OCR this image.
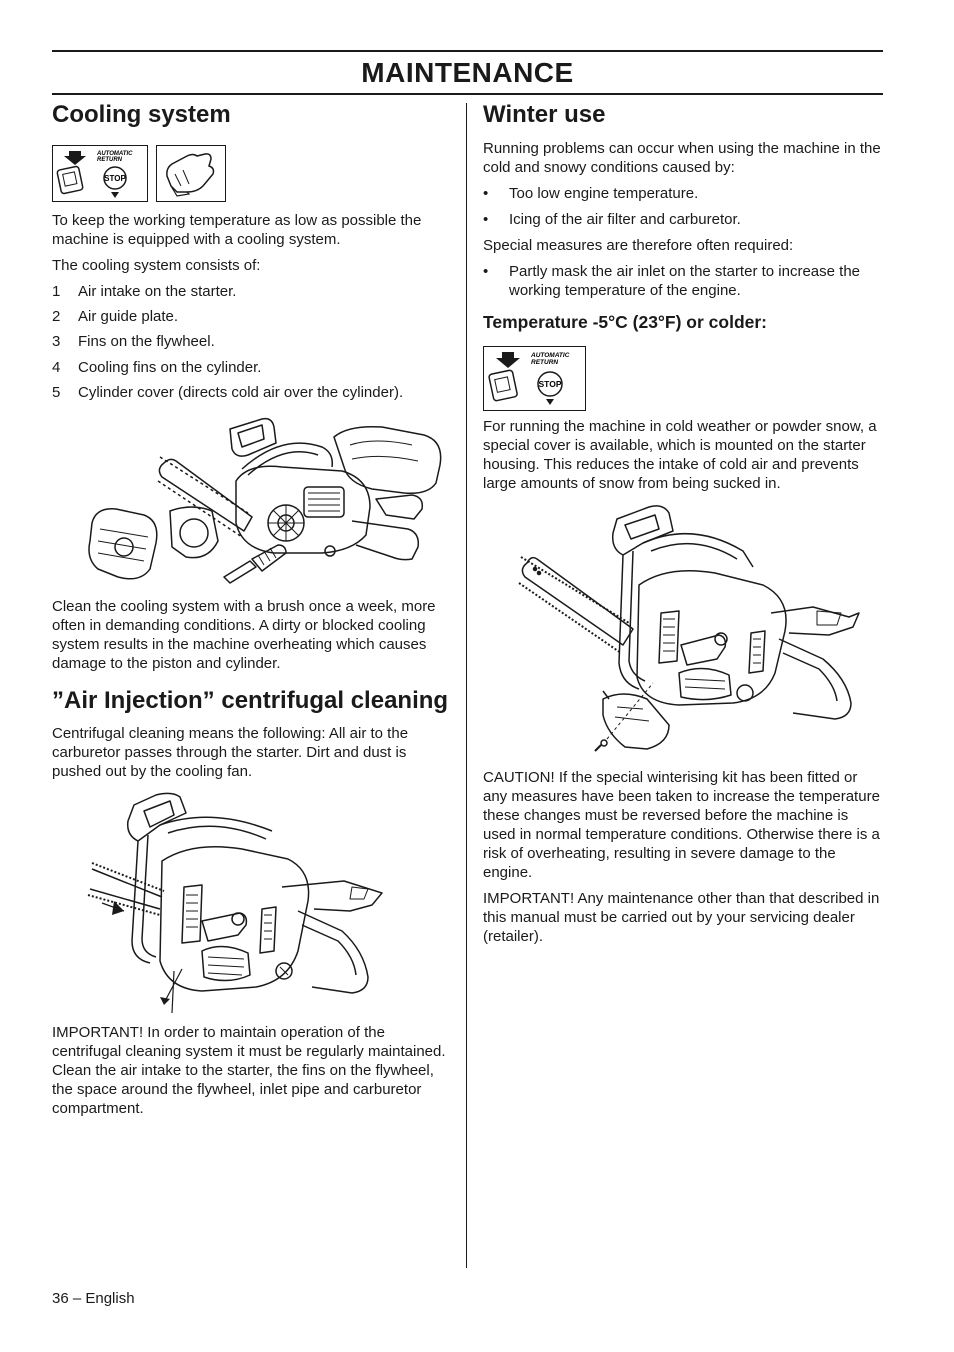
MAINTENANCE
Cooling system
AUTOMATIC
RETURN
STOP

To keep the working temperature as low as possible the machine is equipped with a cooling system.

The cooling system consists of:

1 Air intake on the starter.
2 Air guide plate.
3 Fins on the flywheel.
4 Cooling fins on the cylinder.
5 Cylinder cover (directs cold air over the cylinder).

Clean the cooling system with a brush once a week, more often in demanding conditions. A dirty or blocked cooling system results in the machine overheating which causes damage to the piston and cylinder.

”Air Injection” centrifugal cleaning

Centrifugal cleaning means the following: All air to the carburetor passes through the starter. Dirt and dust is pushed out by the cooling fan.

IMPORTANT! In order to maintain operation of the centrifugal cleaning system it must be regularly maintained. Clean the air intake to the starter, the fins on the flywheel, the space around the flywheel, inlet pipe and carburetor compartment.

Winter use

Running problems can occur when using the machine in the cold and snowy conditions caused by:

• Too low engine temperature.
• Icing of the air filter and carburetor.

Special measures are therefore often required:

• Partly mask the air inlet on the starter to increase the working temperature of the engine.
Temperature -5°C (23°F) or colder:
AUTOMATIC
RETURN
STOP

For running the machine in cold weather or powder snow, a special cover is available, which is mounted on the starter housing. This reduces the intake of cold air and prevents large amounts of snow from being sucked in.

CAUTION! If the special winterising kit has been fitted or any measures have been taken to increase the temperature these changes must be reversed before the machine is used in normal temperature conditions. Otherwise there is a risk of overheating, resulting in severe damage to the engine.

IMPORTANT! Any maintenance other than that described in this manual must be carried out by your servicing dealer (retailer).

36 – English
